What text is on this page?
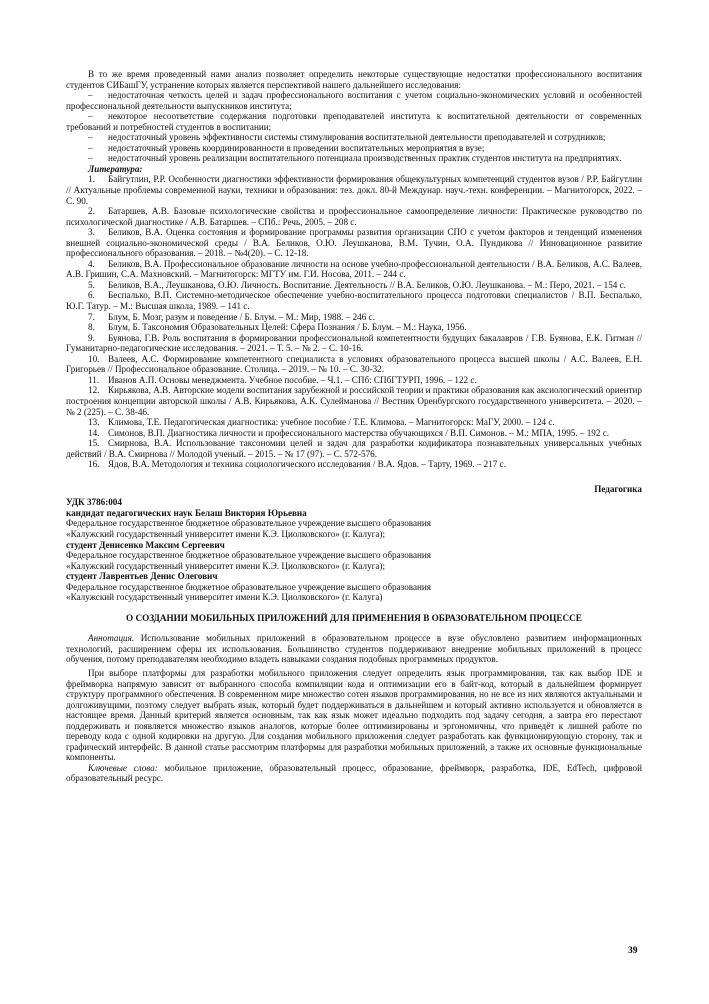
В то же время проведенный нами анализ позволяет определить некоторые существующие недостатки профессионального воспитания студентов СИБашГУ, устранение которых является перспективой нашего дальнейшего исследования:

– недостаточная четкость целей и задач профессионального воспитания с учетом социально-экономических условий и особенностей профессиональной деятельности выпускников института;

– некоторое несоответствие содержания подготовки преподавателей института к воспитательной деятельности от современных требований и потребностей студентов в воспитании;

– недостаточный уровень эффективности системы стимулирования воспитательной деятельности преподавателей и сотрудников;

– недостаточный уровень координированности в проведении воспитательных мероприятия в вузе;

– недостаточный уровень реализации воспитательного потенциала производственных практик студентов института на предприятиях.

Литература:

1. Байгутлин, Р.Р. Особенности диагностики эффективности формирования общекультурных компетенций студентов вузов / Р.Р. Байгутлин // Актуальные проблемы современной науки, техники и образования: тез. докл. 80-й Междунар. науч.-техн. конференции. – Магнитогорск, 2022. – С. 90.

2. Батаршев, А.В. Базовые психологические свойства и профессиональное самоопределение личности: Практическое руководство по психологической диагностике / А.В. Батаршев. – СПб.: Речь, 2005. – 208 с.

3. Беликов, В.А. Оценка состояния и формирование программы развития организации СПО с учетом факторов и тенденций изменения внешней социально-экономической среды / В.А. Беликов, О.Ю. Леушканова, В.М. Тучин, О.А. Пундикова // Инновационное развитие профессионального образования. – 2018. – №4(20). – С. 12-18.

4. Беликов, В.А. Профессиональное образование личности на основе учебно-профессиональной деятельности / В.А. Беликов, А.С. Валеев, А.В. Гришин, С.А. Махновский. – Магнитогорск: МГТУ им. Г.И. Носова, 2011. – 244 с.

5. Беликов, В.А., Леушканова, О.Ю. Личность. Воспитание. Деятельность // В.А. Беликов, О.Ю. Леушканова. – М.: Перо, 2021. – 154 с.

6. Беспалько, В.П. Системно-методическое обеспечение учебно-воспитательного процесса подготовки специалистов / В.П. Беспалько, Ю.Г. Татур. – М.: Высшая школа, 1989. – 141 с.

7. Блум, Б. Мозг, разум и поведение / Б. Блум. – М.: Мир, 1988. – 246 с.

8. Блум, Б. Таксономия Образовательных Целей: Сфера Познания / Б. Блум. – М.: Наука, 1956.

9. Буянова, Г.В. Роль воспитания в формировании профессиональной компетентности будущих бакалавров / Г.В. Буянова, Е.К. Гитман // Гуманитарно-педагогические исследования. – 2021. – Т. 5. – № 2. – С. 10-16.

10. Валеев, А.С. Формирование компетентного специалиста в условиях образовательного процесса высшей школы / А.С. Валеев, Е.Н. Григорьев // Профессиональное образование. Столица. – 2019. – № 10. – С. 30-32.

11. Иванов А.П. Основы менеджмента. Учебное пособие. – Ч.1. – СПб: СПбГТУРП, 1996. – 122 с.

12. Кирьякова, А.В. Авторские модели воспитания зарубежной и российской теории и практики образования как аксиологический ориентир построения концепции авторской школы / А.В. Кирьякова, А.К. Сулейманова // Вестник Оренбургского государственного университета. – 2020. – № 2 (225). – С. 38-46.

13. Климова, Т.Е. Педагогическая диагностика: учебное пособие / Т.Е. Климова. – Магнитогорск: МаГУ, 2000. – 124 с.

14. Симонов, В.П. Диагностика личности и профессионального мастерства обучающихся / В.П. Симонов. – М.: МПА, 1995. – 192 с.

15. Смирнова, В.А. Использование таксономии целей и задач для разработки кодификатора познавательных универсальных учебных действий / В.А. Смирнова // Молодой ученый. – 2015. – № 17 (97). – С. 572-576.

16. Ядов, В.А. Методология и техника социологического исследования / В.А. Ядов. – Тарту, 1969. – 217 с.

Педагогика

УДК 3786:004

кандидат педагогических наук Белаш Виктория Юрьевна

Федеральное государственное бюджетное образовательное учреждение высшего образования

«Калужский государственный университет имени К.Э. Циолковского» (г. Калуга);

студент Денисенко Максим Сергеевич

Федеральное государственное бюджетное образовательное учреждение высшего образования

«Калужский государственный университет имени К.Э. Циолковского» (г. Калуга);

студент Лаврентьев Денис Олегович

Федеральное государственное бюджетное образовательное учреждение высшего образования

«Калужский государственный университет имени К.Э. Циолковского» (г. Калуга)

О СОЗДАНИИ МОБИЛЬНЫХ ПРИЛОЖЕНИЙ ДЛЯ ПРИМЕНЕНИЯ В ОБРАЗОВАТЕЛЬНОМ ПРОЦЕССЕ

Аннотация. Использование мобильных приложений в образовательном процессе в вузе обусловлено развитием информационных технологий, расширением сферы их использования. Большинство студентов поддерживают внедрение мобильных приложений в процесс обучения, потому преподавателям необходимо владеть навыками создания подобных программных продуктов.

При выборе платформы для разработки мобильного приложения следует определить язык программирования, так как выбор IDE и фреймворка напрямую зависит от выбранного способа компиляции кода и оптимизации его в байт-код, который в дальнейшем формирует структуру программного обеспечения. В современном мире множество сотен языков программирования, но не все из них являются актуальными и долгоживущими, поэтому следует выбрать язык, который будет поддерживаться в дальнейшем и который активно используется и обновляется в настоящее время. Данный критерий является основным, так как язык может идеально подходить под задачу сегодня, а завтра его перестают поддерживать и появляется множество языков аналогов, которые более оптимизированы и эргономичны, что приведёт к лишней работе по переводу кода с одной кодировки на другую. Для создания мобильного приложения следует разработать как функционирующую сторону, так и графический интерфейс. В данной статье рассмотрим платформы для разработки мобильных приложений, а также их основные функциональные компоненты.

Ключевые слова: мобильное приложение, образовательный процесс, образование, фреймворк, разработка, IDE, EdTech, цифровой образовательный ресурс.

39
